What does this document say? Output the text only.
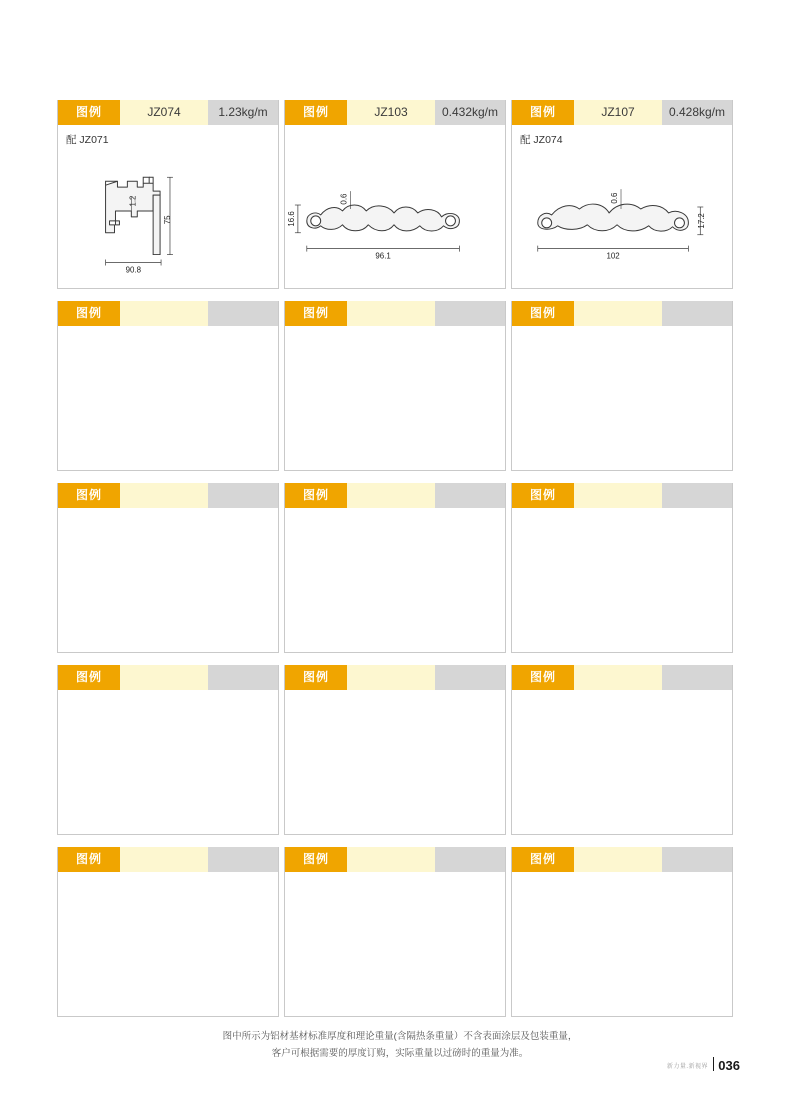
图例	JZ074	1.23kg/m
配 JZ071
75
1.2
90.8
图例	JZ103	0.432kg/m
16.6
0.6
96.1
图例	JZ107	0.428kg/m
配 JZ074
0.6
17.2
102
图例	图例	图例
图例	图例	图例
图例	图例	图例
图例	图例	图例
图中所示为铝材基材标准厚度和理论重量(含隔热条重量）不含表面涂层及包装重量，
客户可根据需要的厚度订购，实际重量以过磅时的重量为准。
新力量.新视界 036
